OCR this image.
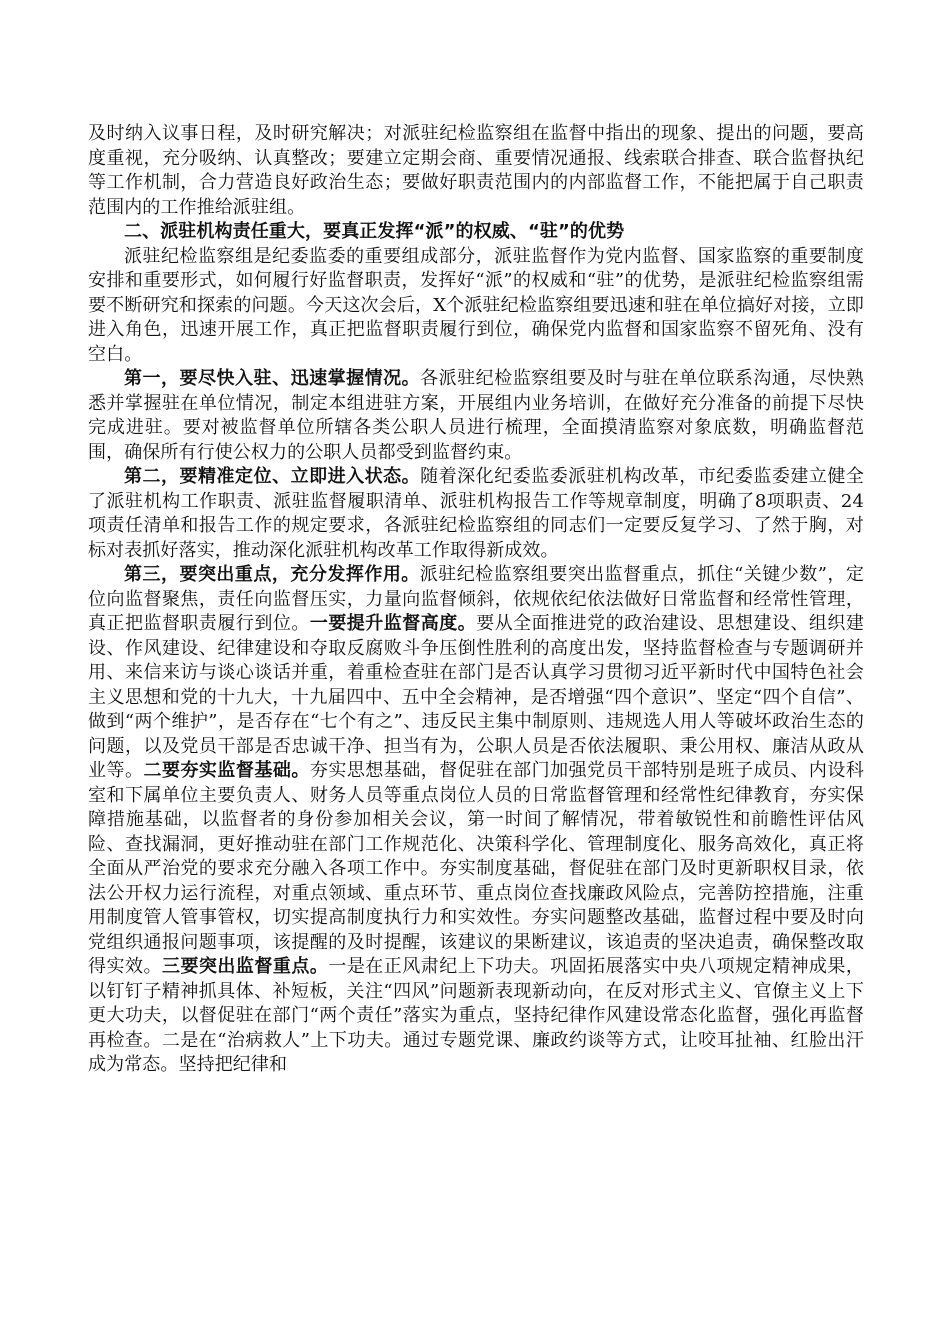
及时纳入议事日程，及时研究解决；对派驻纪检监察组在监督中指出的现象、提出的问题，要高度重视，充分吸纳、认真整改；要建立定期会商、重要情况通报、线索联合排查、联合监督执纪等工作机制，合力营造良好政治生态；要做好职责范围内的内部监督工作，不能把属于自己职责范围内的工作推给派驻组。

二、派驻机构责任重大，要真正发挥“派”的权威、“驻”的优势

派驻纪检监察组是纪委监委的重要组成部分，派驻监督作为党内监督、国家监察的重要制度安排和重要形式，如何履行好监督职责，发挥好“派”的权威和“驻”的优势，是派驻纪检监察组需要不断研究和探索的问题。今天这次会后，X个派驻纪检监察组要迅速和驻在单位搞好对接，立即进入角色，迅速开展工作，真正把监督职责履行到位，确保党内监督和国家监察不留死角、没有空白。

第一，要尽快入驻、迅速掌握情况。各派驻纪检监察组要及时与驻在单位联系沟通，尽快熟悉并掌握驻在单位情况，制定本组进驻方案，开展组内业务培训，在做好充分准备的前提下尽快完成进驻。要对被监督单位所辖各类公职人员进行梳理，全面摸清监察对象底数，明确监督范围，确保所有行使公权力的公职人员都受到监督约束。

第二，要精准定位、立即进入状态。随着深化纪委监委派驻机构改革，市纪委监委建立健全了派驻机构工作职责、派驻监督履职清单、派驻机构报告工作等规章制度，明确了8项职责、24项责任清单和报告工作的规定要求，各派驻纪检监察组的同志们一定要反复学习、了然于胸，对标对表抓好落实，推动深化派驻机构改革工作取得新成效。

第三，要突出重点，充分发挥作用。派驻纪检监察组要突出监督重点，抓住“关键少数”，定位向监督聚焦，责任向监督压实，力量向监督倾斜，依规依纪依法做好日常监督和经常性管理，真正把监督职责履行到位。一要提升监督高度。要从全面推进党的政治建设、思想建设、组织建设、作风建设、纪律建设和夺取反腐败斗争压倒性胜利的高度出发，坚持监督检查与专题调研并用、来信来访与谈心谈话并重，着重检查驻在部门是否认真学习贯彻习近平新时代中国特色社会主义思想和党的十九大，十九届四中、五中全会精神，是否增强“四个意识”、坚定“四个自信”、做到“两个维护”，是否存在“七个有之”、违反民主集中制原则、违规选人用人等破坏政治生态的问题，以及党员干部是否忠诚干净、担当有为，公职人员是否依法履职、秉公用权、廉洁从政从业等。二要夯实监督基础。夯实思想基础，督促驻在部门加强党员干部特别是班子成员、内设科室和下属单位主要负责人、财务人员等重点岗位人员的日常监督管理和经常性纪律教育，夯实保障措施基础，以监督者的身份参加相关会议，第一时间了解情况，带着敏锐性和前瞻性评估风险、查找漏洞，更好推动驻在部门工作规范化、决策科学化、管理制度化、服务高效化，真正将全面从严治党的要求充分融入各项工作中。夯实制度基础，督促驻在部门及时更新职权目录，依法公开权力运行流程，对重点领域、重点环节、重点岗位查找廉政风险点，完善防控措施，注重用制度管人管事管权，切实提高制度执行力和实效性。夯实问题整改基础，监督过程中要及时向党组织通报问题事项，该提醒的及时提醒，该建议的果断建议，该追责的坚决追责，确保整改取得实效。三要突出监督重点。一是在正风肃纪上下功夫。巩固拓展落实中央八项规定精神成果，以钉钉子精神抓具体、补短板，关注“四风”问题新表现新动向，在反对形式主义、官僚主义上下更大功夫，以督促驻在部门“两个责任”落实为重点，坚持纪律作风建设常态化监督，强化再监督再检查。二是在“治病救人”上下功夫。通过专题党课、廉政约谈等方式，让咬耳扯袖、红脸出汗成为常态。坚持把纪律和
